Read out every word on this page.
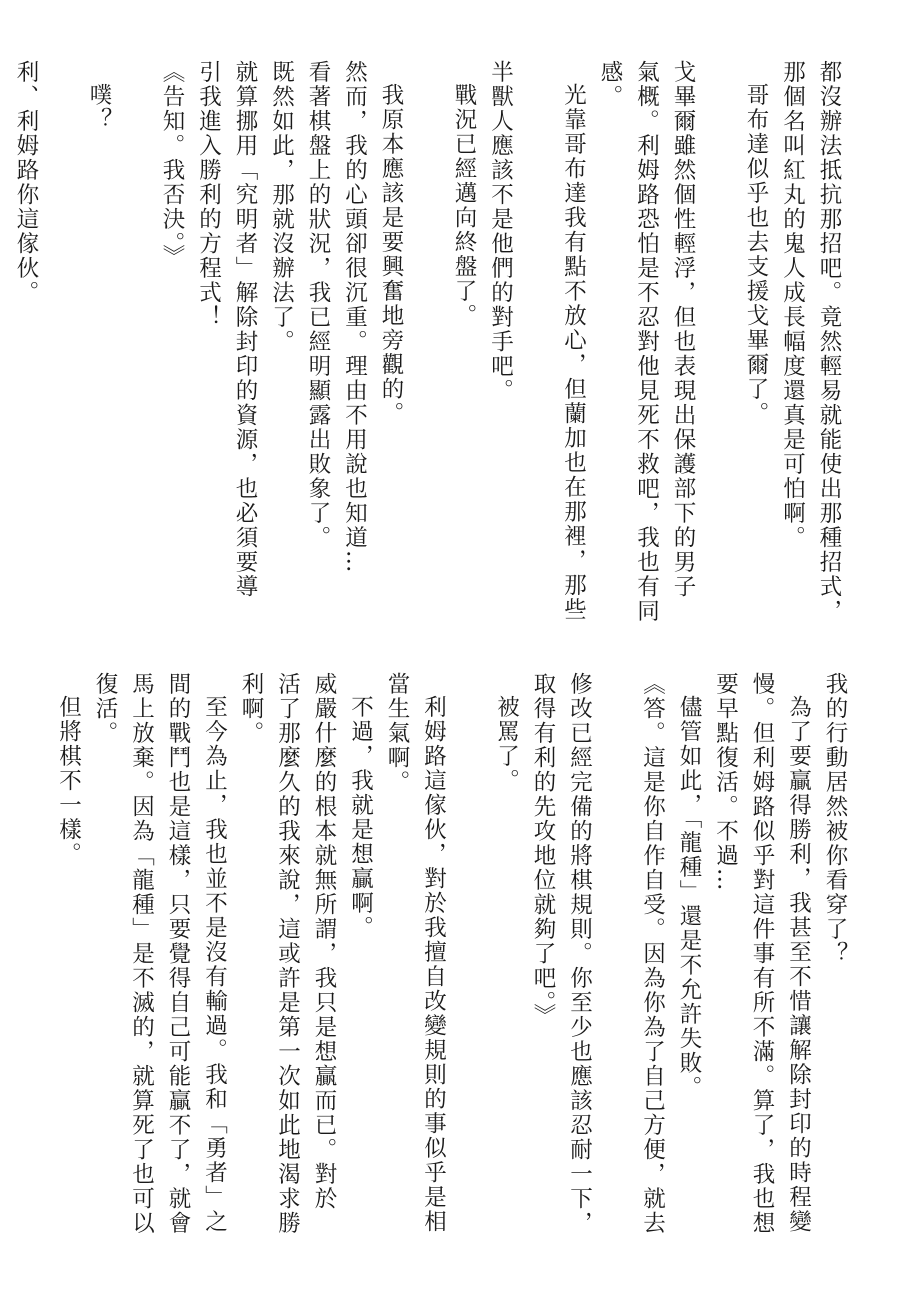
都沒辦法抵抗那招吧。竟然輕易就能使出那種招式，

那個名叫紅丸的鬼人成長幅度還真是可怕啊。

哥布達似乎也去支援戈畢爾了。

戈畢爾雖然個性輕浮，但也表現出保護部下的男子

氣概。利姆路恐怕是不忍對他見死不救吧，我也有同

感。

光靠哥布達我有點不放心，但蘭加也在那裡，那些

半獸人應該不是他們的對手吧。

戰況已經邁向終盤了。

我原本應該是要興奮地旁觀的。

然而，我的心頭卻很沉重。理由不用說也知道…

看著棋盤上的狀況，我已經明顯露出敗象了。

既然如此，那就沒辦法了。

就算挪用「究明者」解除封印的資源，也必須要導

引我進入勝利的方程式！

《告知。我否決。》

噗？

利、利姆路你這傢伙。

我的行動居然被你看穿了？

為了要贏得勝利，我甚至不惜讓解除封印的時程變

慢。但利姆路似乎對這件事有所不滿。算了，我也想

要早點復活。不過…

儘管如此，「龍種」還是不允許失敗。

《答。這是你自作自受。因為你為了自己方便，就去

修改已經完備的將棋規則。你至少也應該忍耐一下，

取得有利的先攻地位就夠了吧。》

被罵了。

利姆路這傢伙，對於我擅自改變規則的事似乎是相

當生氣啊。

不過，我就是想贏啊。

威嚴什麼的根本就無所謂，我只是想贏而已。對於

活了那麼久的我來說，這或許是第一次如此地渴求勝

利啊。

至今為止，我也並不是沒有輸過。我和「勇者」之

間的戰鬥也是這樣，只要覺得自己可能贏不了，就會

馬上放棄。因為「龍種」是不滅的，就算死了也可以

復活。

但將棋不一樣。
